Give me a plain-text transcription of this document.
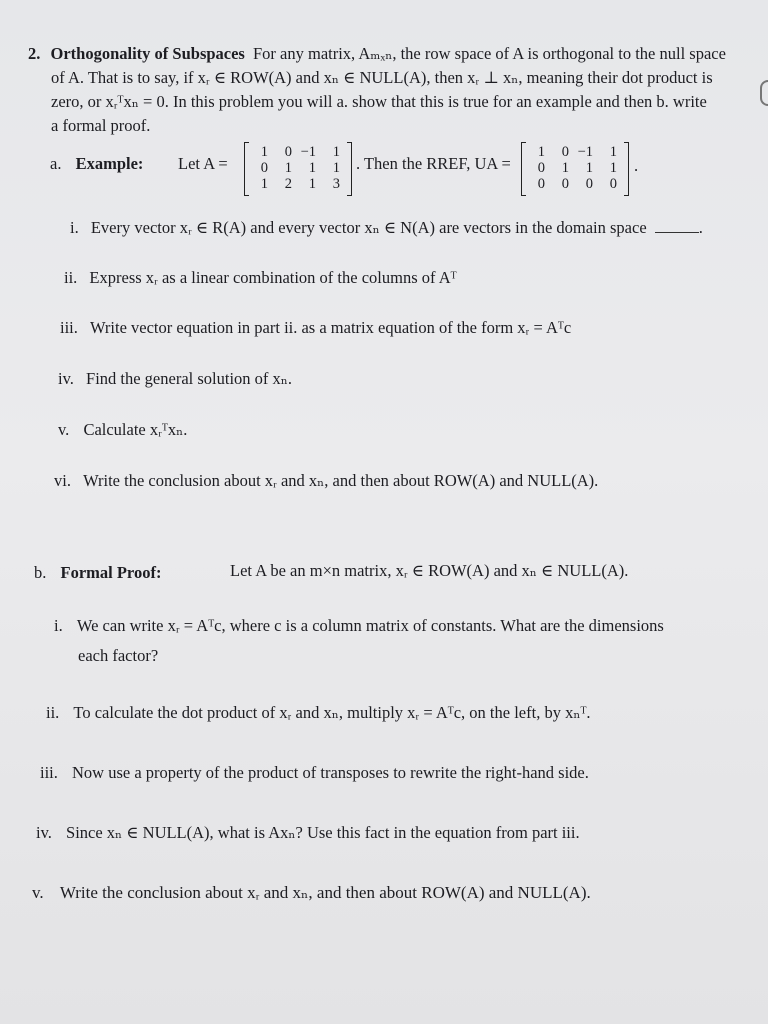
2. Orthogonality of Subspaces For any matrix, Aₘₓₙ, the row space of A is orthogonal to the null space
of A. That is to say, if xᵣ ∈ ROW(A) and xₙ ∈ NULL(A), then xᵣ ⊥ xₙ, meaning their dot product is
zero, or xᵣᵀxₙ = 0. In this problem you will a. show that this is true for an example and then b. write
a formal proof.
a. Example: Let A =
1	0 −1	1
0	1	1	1
1	2	1	3
. Then the RREF, UA =
1	0 −1	1
0	1	1	1
0	0	0	0
.
i. Every vector xᵣ ∈ R(A) and every vector xₙ ∈ N(A) are vectors in the domain space	.
ii. Express xᵣ as a linear combination of the columns of Aᵀ
iii. Write vector equation in part ii. as a matrix equation of the form xᵣ = Aᵀc
iv. Find the general solution of xₙ.
v. Calculate xᵣᵀxₙ.
vi. Write the conclusion about xᵣ and xₙ, and then about ROW(A) and NULL(A).
b. Formal Proof:	Let A be an m×n matrix, xᵣ ∈ ROW(A) and xₙ ∈ NULL(A).
i. We can write xᵣ = Aᵀc, where c is a column matrix of constants. What are the dimensions
each factor?
ii. To calculate the dot product of xᵣ and xₙ, multiply xᵣ = Aᵀc, on the left, by xₙᵀ.
iii. Now use a property of the product of transposes to rewrite the right-hand side.
iv. Since xₙ ∈ NULL(A), what is Axₙ? Use this fact in the equation from part iii.
v. Write the conclusion about xᵣ and xₙ, and then about ROW(A) and NULL(A).
